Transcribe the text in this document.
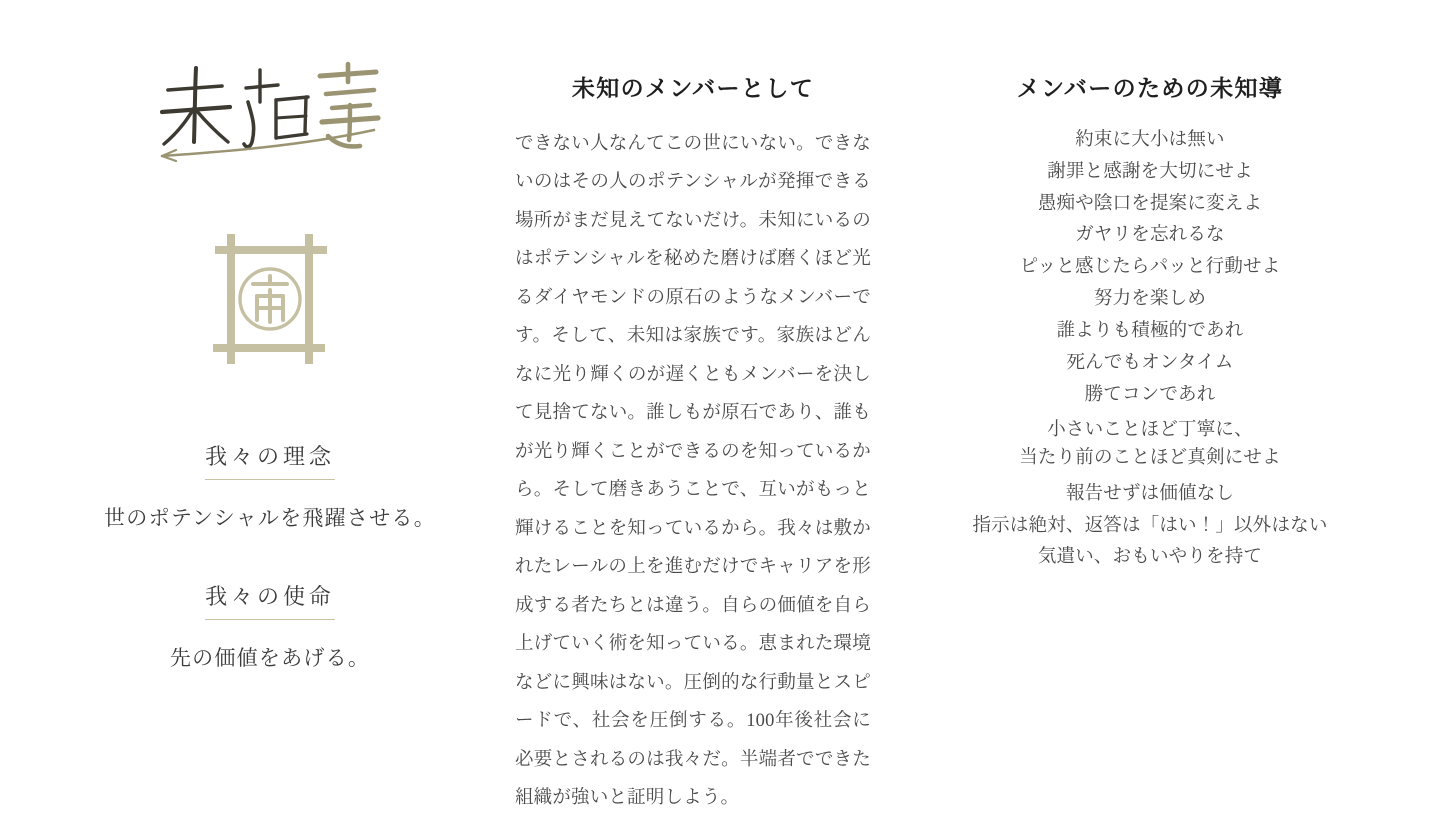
我々の理念
世のポテンシャルを飛躍させる。
我々の使命
先の価値をあげる。
未知のメンバーとして

できない人なんてこの世にいない。できないのはその人のポテンシャルが発揮できる場所がまだ見えてないだけ。未知にいるのはポテンシャルを秘めた磨けば磨くほど光るダイヤモンドの原石のようなメンバーです。そして、未知は家族です。家族はどんなに光り輝くのが遅くともメンバーを決して見捨てない。誰しもが原石であり、誰もが光り輝くことができるのを知っているから。そして磨きあうことで、互いがもっと輝けることを知っているから。我々は敷かれたレールの上を進むだけでキャリアを形成する者たちとは違う。自らの価値を自ら上げていく術を知っている。恵まれた環境などに興味はない。圧倒的な行動量とスピードで、社会を圧倒する。100年後社会に必要とされるのは我々だ。半端者でできた組織が強いと証明しよう。

メンバーのための未知導
約束に大小は無い
謝罪と感謝を大切にせよ
愚痴や陰口を提案に変えよ
ガヤリを忘れるな
ピッと感じたらパッと行動せよ
努力を楽しめ
誰よりも積極的であれ
死んでもオンタイム
勝てコンであれ
小さいことほど丁寧に、
当たり前のことほど真剣にせよ
報告せずは価値なし
指示は絶対、返答は「はい！」以外はない
気遣い、おもいやりを持て
